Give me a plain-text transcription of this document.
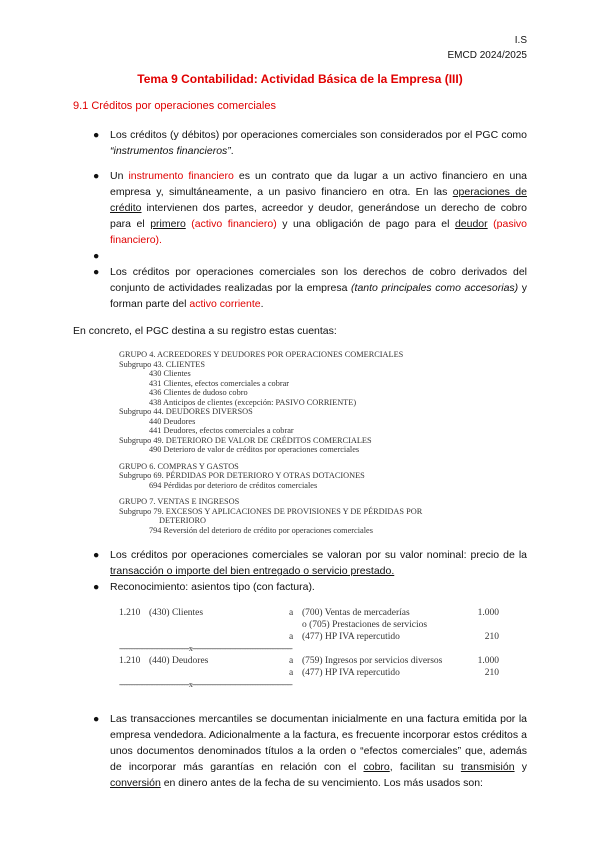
I.S
EMCD 2024/2025
Tema 9 Contabilidad: Actividad Básica de la Empresa (III)
9.1 Créditos por operaciones comerciales
● Los créditos (y débitos) por operaciones comerciales son considerados por el PGC como “instrumentos financieros”.
● Un instrumento financiero es un contrato que da lugar a un activo financiero en una empresa y, simultáneamente, a un pasivo financiero en otra. En las operaciones de crédito intervienen dos partes, acreedor y deudor, generándose un derecho de cobro para el primero (activo financiero) y una obligación de pago para el deudor (pasivo financiero).
●
● Los créditos por operaciones comerciales son los derechos de cobro derivados del conjunto de actividades realizadas por la empresa (tanto principales como accesorias) y forman parte del activo corriente.
En concreto, el PGC destina a su registro estas cuentas:
GRUPO 4. ACREEDORES Y DEUDORES POR OPERACIONES COMERCIALES
Subgrupo 43. CLIENTES
430 Clientes
431 Clientes, efectos comerciales a cobrar
436 Clientes de dudoso cobro
438 Anticipos de clientes (excepción: PASIVO CORRIENTE)
Subgrupo 44. DEUDORES DIVERSOS
440 Deudores
441 Deudores, efectos comerciales a cobrar
Subgrupo 49. DETERIORO DE VALOR DE CRÉDITOS COMERCIALES
490 Deterioro de valor de créditos por operaciones comerciales
GRUPO 6. COMPRAS Y GASTOS
Subgrupo 69. PÉRDIDAS POR DETERIORO Y OTRAS DOTACIONES
694 Pérdidas por deterioro de créditos comerciales
GRUPO 7. VENTAS E INGRESOS
Subgrupo 79. EXCESOS Y APLICACIONES DE PROVISIONES Y DE PÉRDIDAS POR
DETERIORO
794 Reversión del deterioro de crédito por operaciones comerciales
● Los créditos por operaciones comerciales se valoran por su valor nominal: precio de la transacción o importe del bien entregado o servicio prestado.
● Reconocimiento: asientos tipo (con factura).
1.210 (430) Clientes	a (700) Ventas de mercaderías	1.000
o (705) Prestaciones de servicios
a (477) HP IVA repercutido	210
------------------------------------------x------------------------------------------------------------
1.210 (440) Deudores	a (759) Ingresos por servicios diversos	1.000
a (477) HP IVA repercutido	210
------------------------------------------x------------------------------------------------------------
● Las transacciones mercantiles se documentan inicialmente en una factura emitida por la empresa vendedora. Adicionalmente a la factura, es frecuente incorporar estos créditos a unos documentos denominados títulos a la orden o “efectos comerciales” que, además de incorporar más garantías en relación con el cobro, facilitan su transmisión y conversión en dinero antes de la fecha de su vencimiento. Los más usados son:
